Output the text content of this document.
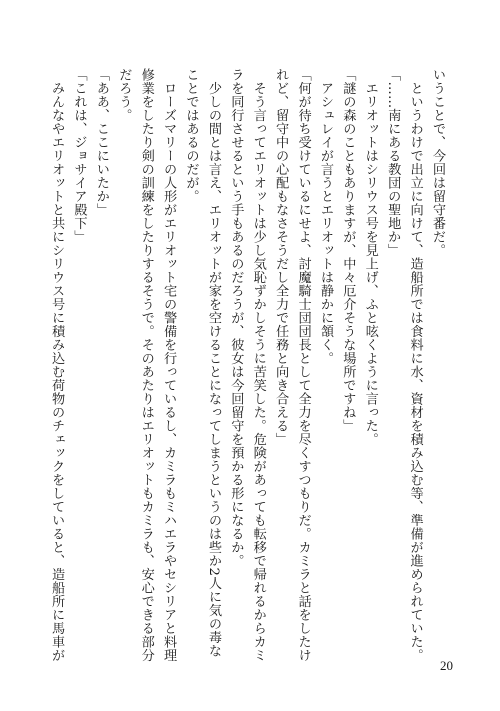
いうことで、今回は留守番だ。
　というわけで出立に向けて、造船所では食料に水、資材を積み込む等、準備が進められていた。
「……南にある教団の聖地か」
　エリオットはシリウス号を見上げ、ふと呟くように言った。
「謎の森のこともありますが、中々厄介そうな場所ですね」
　アシュレイが言うとエリオットは静かに頷く。
「何が待ち受けているにせよ、討魔騎士団団長として全力を尽くすつもりだ。カミラと話をしたけ
れど、留守中の心配もなさそうだし全力で任務と向き合える」
　そう言ってエリオットは少し気恥ずかしそうに苦笑した。危険があっても転移で帰れるからカミ
ラを同行させるという手もあるのだろうが、彼女は今回留守を預かる形になるか。
　少しの間とは言え、エリオットが家を空けることになってしまうというのは些か2人に気の毒な
ことではあるのだが。
　ローズマリーの人形がエリオット宅の警備を行っているし、カミラもミハエラやセシリアと料理
修業をしたり剣の訓練をしたりするそうで。そのあたりはエリオットもカミラも、安心できる部分
だろう。
「ああ、ここにいたか」
「これは、ジョサイア殿下」
　みんなやエリオットと共にシリウス号に積み込む荷物のチェックをしていると、造船所に馬車が
20
